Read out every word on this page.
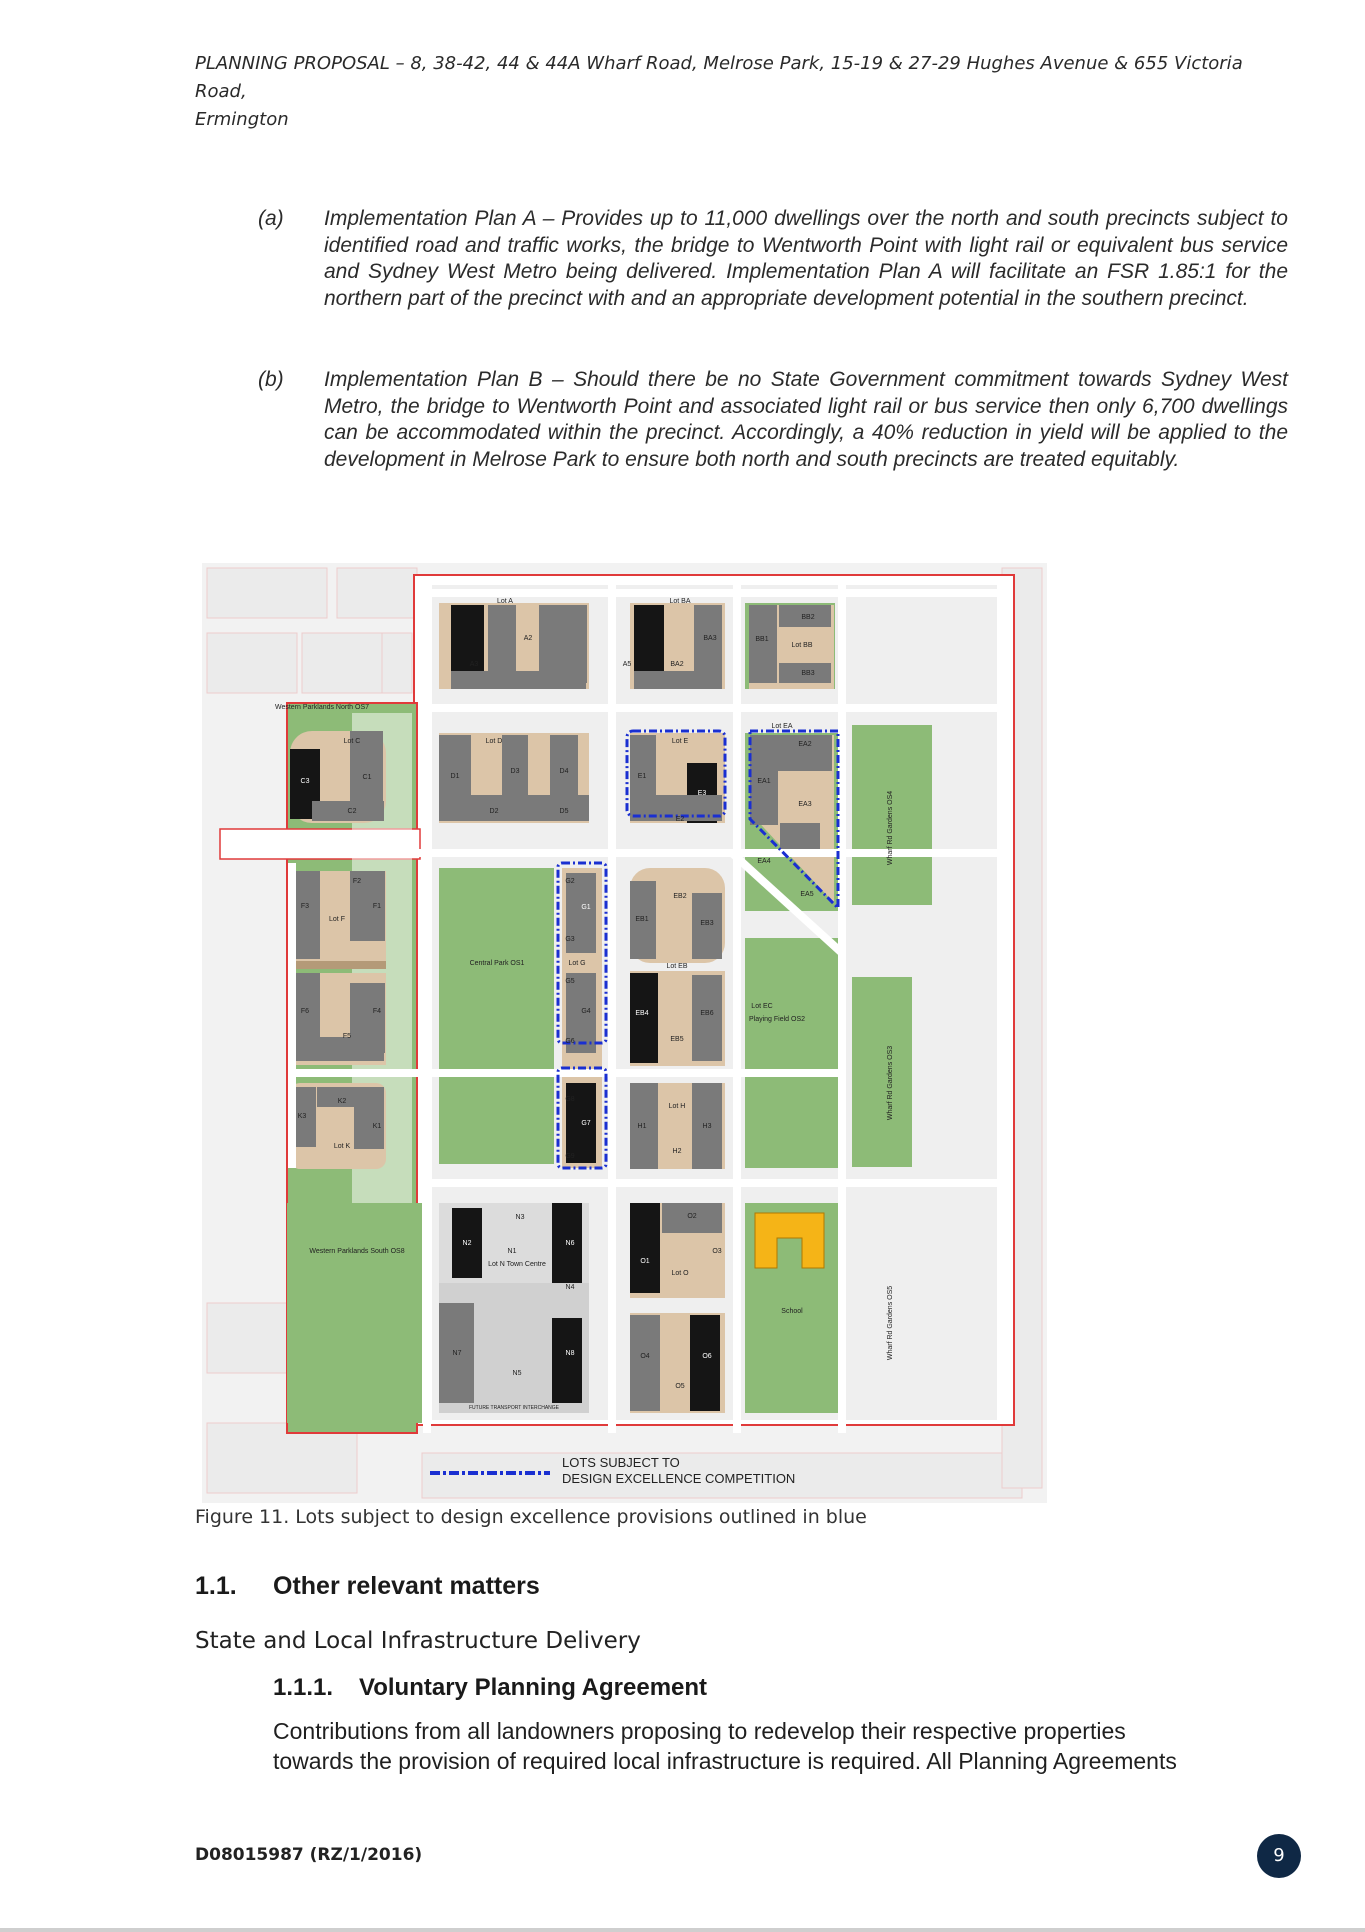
PLANNING PROPOSAL – 8, 38-42, 44 & 44A Wharf Road, Melrose Park, 15-19 & 27-29 Hughes Avenue & 655 Victoria Road,
Ermington
(a) Implementation Plan A – Provides up to 11,000 dwellings over the north and south precincts subject to identified road and traffic works, the bridge to Wentworth Point with light rail or equivalent bus service and Sydney West Metro being delivered. Implementation Plan A will facilitate an FSR 1.85:1 for the northern part of the precinct with and an appropriate development potential in the southern precinct.
(b) Implementation Plan B – Should there be no State Government commitment towards Sydney West Metro, the bridge to Wentworth Point and associated light rail or bus service then only 6,700 dwellings can be accommodated within the precinct. Accordingly, a 40% reduction in yield will be applied to the development in Melrose Park to ensure both north and south precincts are treated equitably.
LOTS SUBJECT TO
DESIGN EXCELLENCE COMPETITION
Lot A
A2
A3	A5
Lot BA
BA3
BA2
BB1
BB2
Lot BB
BB3
Western Parklands North OS7
Lot C
C1
C2
C3
Lot D
D1
D2
D3	D4
D5
Lot E
E1
E2
E3
Lot EA
EA1
EA2
EA3
EA4
EA5
Wharf Rd Gardens OS4
F2
F1
F3
Lot F
F4
F5
F6
Central Park OS1
G1
G2
G3
G4
G5
G6
G7
G8
G9
Lot G
EB1
EB2
EB3
EB4
EB5
EB6
Lot EB
Lot EC
Playing Field OS2
K1
K2
K3
Lot K
H1
H2
H3
Lot H	Wharf Rd Gardens OS3
Western Parklands South OS8	N1
N2
N3
N4
N5
N6
N7	N8
Lot N Town Centre	O1
O2
O3
O4
O5
O6
Lot O
School	Wharf Rd Gardens OS5
FUTURE TRANSPORT INTERCHANGE
Figure 11. Lots subject to design excellence provisions outlined in blue
1.1. Other relevant matters
State and Local Infrastructure Delivery
1.1.1. Voluntary Planning Agreement
Contributions from all landowners proposing to redevelop their respective properties
towards the provision of required local infrastructure is required. All Planning Agreements
D08015987 (RZ/1/2016)	9
